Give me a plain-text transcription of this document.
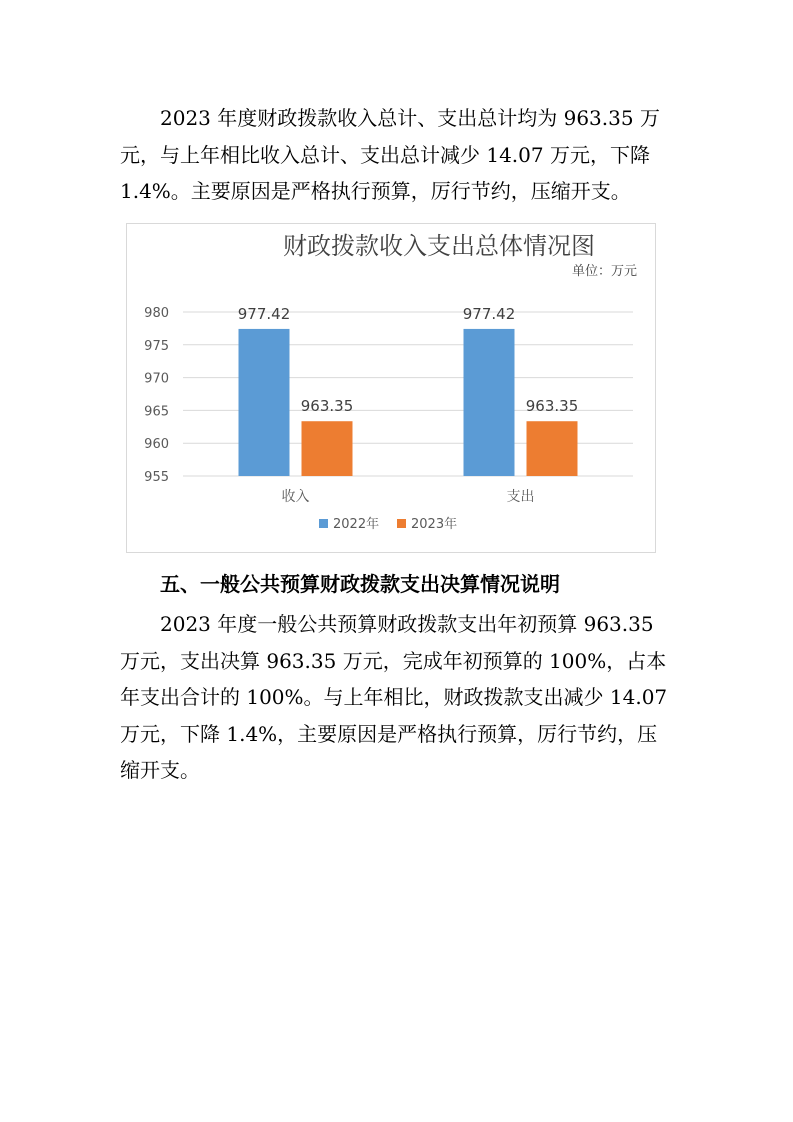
2023 年度财政拨款收入总计、支出总计均为 963.35 万
元，与上年相比收入总计、支出总计减少 14.07 万元，下降
1.4%。主要原因是严格执行预算，厉行节约，压缩开支。
财政拨款收入支出总体情况图
单位：万元
955
960
965
970
975
980	977.42
963.35
977.42
963.35
收入	支出
2022年 2023年

五、一般公共预算财政拨款支出决算情况说明

2023 年度一般公共预算财政拨款支出年初预算 963.35
万元，支出决算 963.35 万元，完成年初预算的 100%，占本
年支出合计的 100%。与上年相比，财政拨款支出减少 14.07
万元，下降 1.4%，主要原因是严格执行预算，厉行节约，压
缩开支。
